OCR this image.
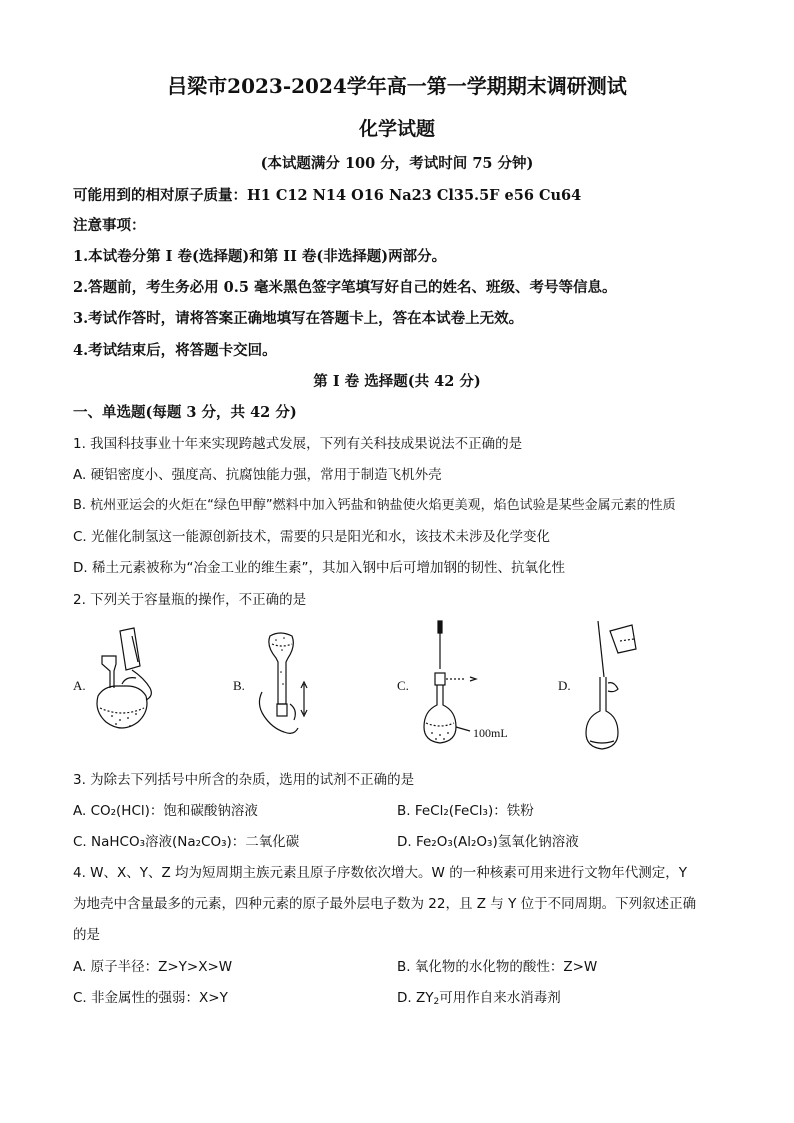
吕梁市2023-2024学年高一第一学期期末调研测试
化学试题
(本试题满分 100 分，考试时间 75 分钟)
可能用到的相对原子质量：H1 C12 N14 O16 Na23 Cl35.5F e56 Cu64
注意事项：
1.本试卷分第 I 卷(选择题)和第 II 卷(非选择题)两部分。
2.答题前，考生务必用 0.5 毫米黑色签字笔填写好自己的姓名、班级、考号等信息。
3.考试作答时，请将答案正确地填写在答题卡上，答在本试卷上无效。
4.考试结束后，将答题卡交回。
第 I 卷 选择题(共 42 分)
一、单选题(每题 3 分，共 42 分)
1. 我国科技事业十年来实现跨越式发展，下列有关科技成果说法不正确的是
A. 硬铝密度小、强度高、抗腐蚀能力强，常用于制造飞机外壳
B. 杭州亚运会的火炬在“绿色甲醇”燃料中加入钙盐和钠盐使火焰更美观，焰色试验是某些金属元素的性质
C. 光催化制氢这一能源创新技术，需要的只是阳光和水，该技术未涉及化学变化
D. 稀土元素被称为“冶金工业的维生素”，其加入钢中后可增加钢的韧性、抗氧化性
2. 下列关于容量瓶的操作，不正确的是
A.	B.	C.	D.
100mL
3. 为除去下列括号中所含的杂质，选用的试剂不正确的是
A. CO₂(HCl)：饱和碳酸钠溶液	B. FeCl₂(FeCl₃)：铁粉
C. NaHCO₃溶液(Na₂CO₃)：二氧化碳	D. Fe₂O₃(Al₂O₃)氢氧化钠溶液
4. W、X、Y、Z 均为短周期主族元素且原子序数依次增大。W 的一种核素可用来进行文物年代测定，Y
为地壳中含量最多的元素，四种元素的原子最外层电子数为 22，且 Z 与 Y 位于不同周期。下列叙述正确
的是
A. 原子半径：Z>Y>X>W	B. 氧化物的水化物的酸性：Z>W
C. 非金属性的强弱：X>Y	D. $ZY_2$可用作自来水消毒剂
